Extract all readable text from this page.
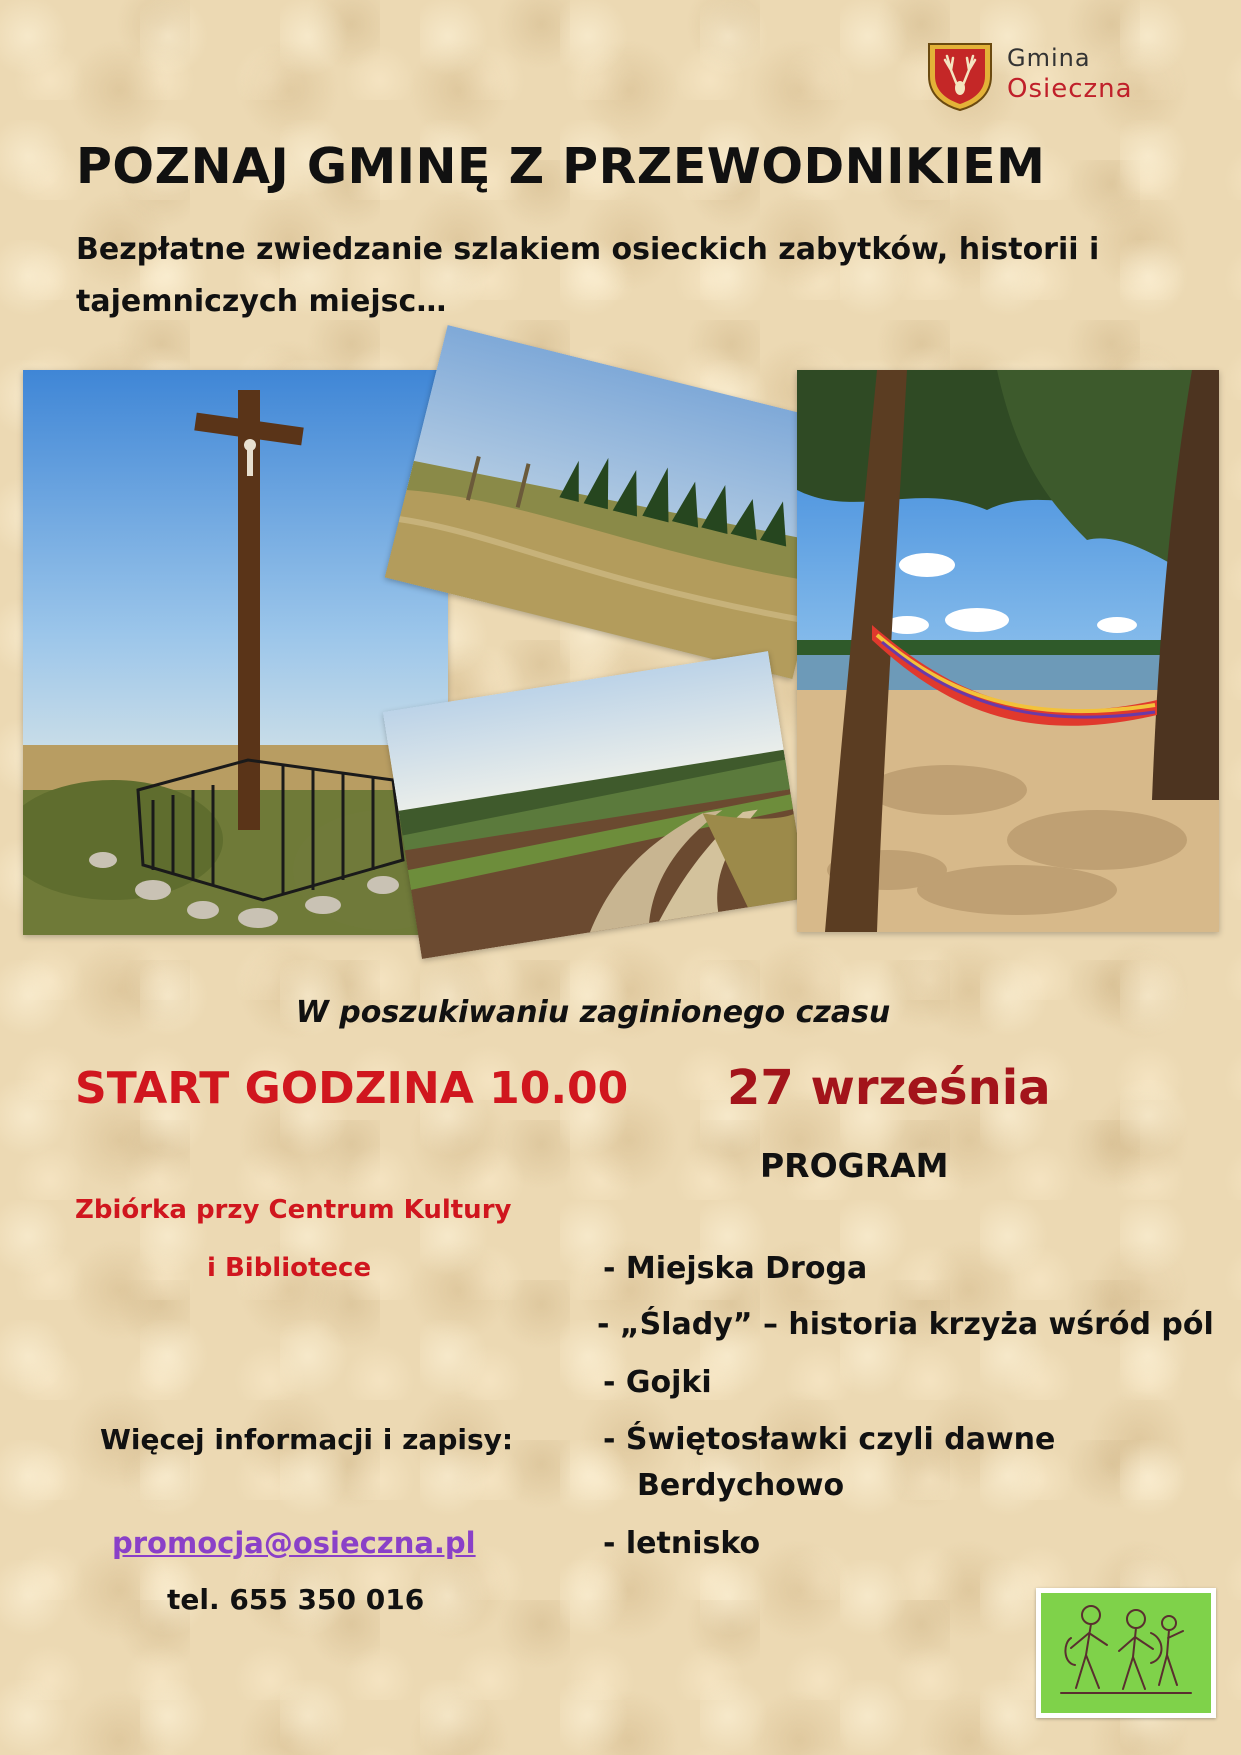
Gmina
Osieczna
POZNAJ GMINĘ Z PRZEWODNIKIEM
Bezpłatne zwiedzanie szlakiem osieckich zabytków, historii i tajemniczych miejsc…
W poszukiwaniu zaginionego czasu
START GODZINA 10.00 27 września
PROGRAM
Zbiórka przy Centrum Kultury
i Bibliotece	- Miejska Droga
- „Ślady” – historia krzyża wśród pól
- Gojki
- Świętosławki czyli dawne
Berdychowo
- letnisko
Więcej informacji i zapisy:
promocja@osieczna.pl
tel. 655 350 016
